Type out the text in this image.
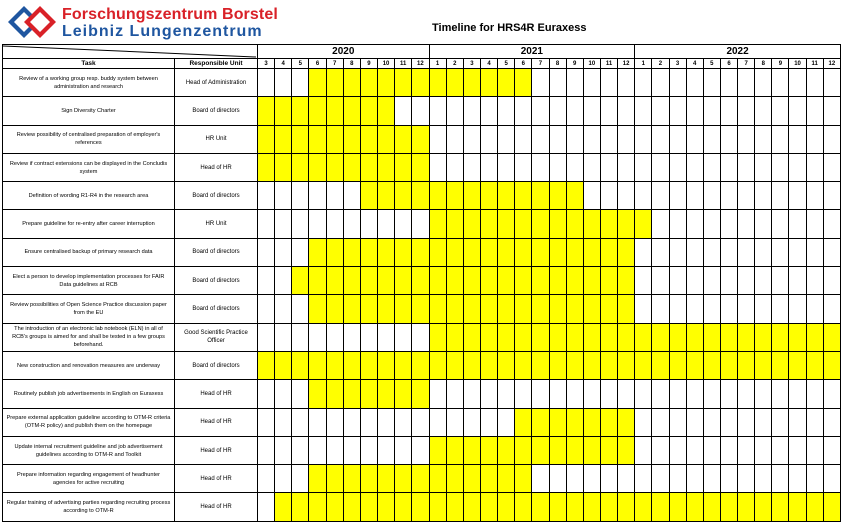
Forschungszentrum Borstel
Leibniz Lungenzentrum	Timeline for HRS4R Euraxess
		2020										2021												2022											
Task	Responsible Unit	3	4	5	6	7	8	9	10	11	12	1	2	3	4	5	6	7	8	9	10	11	12	1	2	3	4	5	6	7	8	9	10	11	12
Review of a working group resp. buddy system between administration and research	Head of Administration																																		
Sign Diversity Charter	Board of directors																																		
Review possibility of centralised preparation of employer's references	HR Unit																																		
Review if contract extensions can be displayed in the Concludis system	Head of HR																																		
Definition of wording R1-R4 in the research area	Board of directors																																		
Prepare guideline for re-entry after career interruption	HR Unit																																		
Ensure centralised backup of primary research data	Board of directors																																		
Elect a person to develop implementation processes for FAIR Data guidelines at RCB	Board of directors																																		
Review possibilities of Open Science Practice discussion paper from the EU	Board of directors																																		
The introduction of an electronic lab notebook (ELN) in all of RCB's groups is aimed for and shall be tested in a few groups beforehand.	Good Scientific Practice Officer																																		
New construction and renovation measures are underway	Board of directors																																		
Routinely publish job advertisements in English on Euraxess	Head of HR																																		
Prepare external application guideline according to OTM-R criteria (OTM-R policy) and publish them on the homepage	Head of HR																																		
Update internal recruitment guideline and job advertisement guidelines according to OTM-R and Toolkit	Head of HR																																		
Prepare information regarding engagement of headhunter agencies for active recruiting	Head of HR																																		
Regular training of advertising parties regarding recruiting process according to OTM-R	Head of HR																																		
